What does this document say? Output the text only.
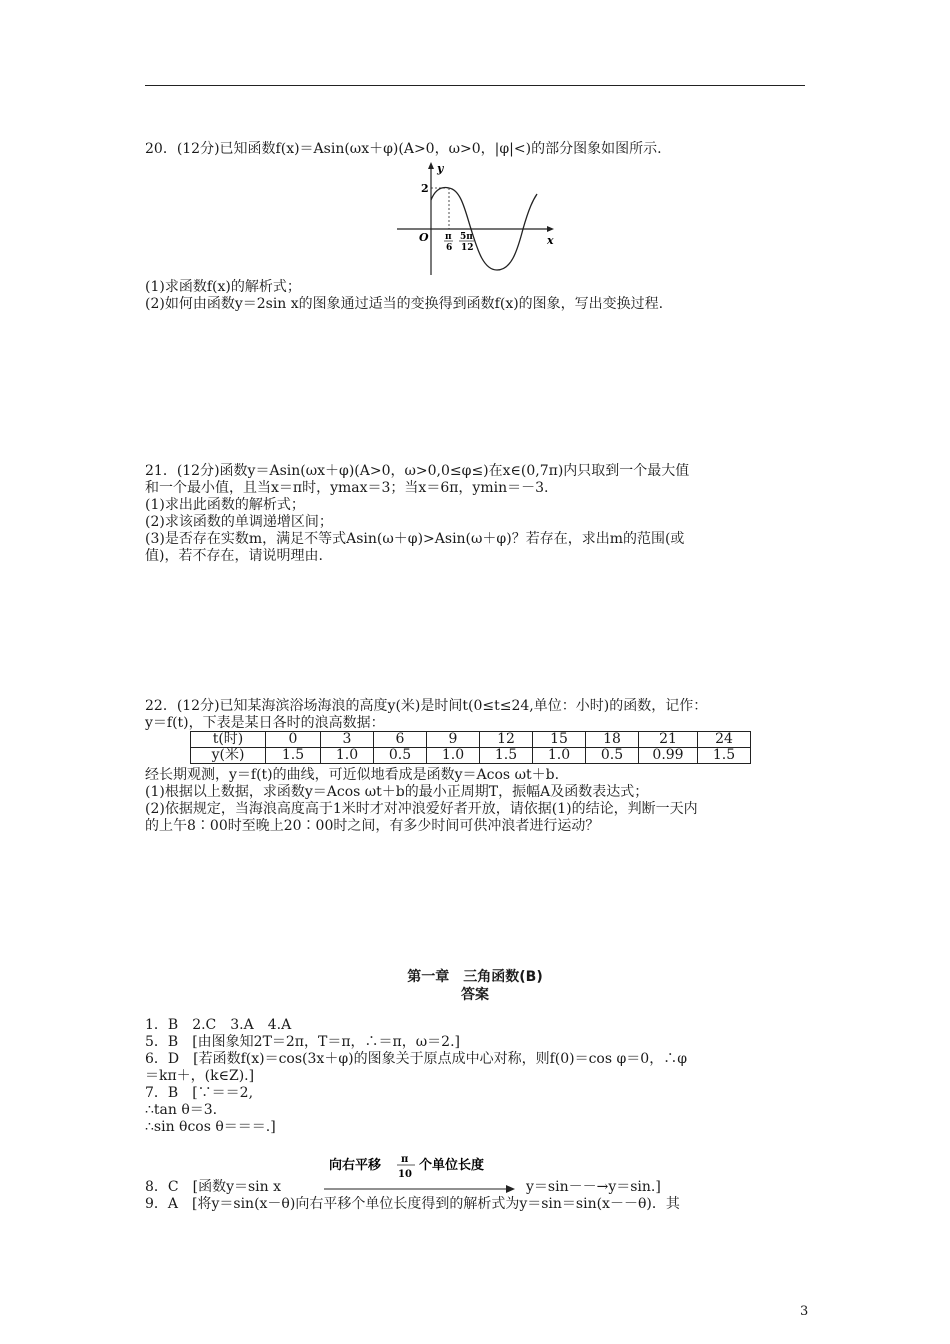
20．(12分)已知函数f(x)＝Asin(ωx＋φ)(A>0，ω>0，|φ|<)的部分图象如图所示.
y
x
O
2
π
6
5π
12
(1)求函数f(x)的解析式；
(2)如何由函数y＝2sin x的图象通过适当的变换得到函数f(x)的图象，写出变换过程.
21．(12分)函数y＝Asin(ωx＋φ)(A>0，ω>0,0≤φ≤)在x∈(0,7π)内只取到一个最大值
和一个最小值，且当x＝π时，ymax＝3；当x＝6π，ymin＝－3.
(1)求出此函数的解析式；
(2)求该函数的单调递增区间；
(3)是否存在实数m，满足不等式Asin(ω＋φ)>Asin(ω＋φ)？若存在，求出m的范围(或
值)，若不存在，请说明理由.
22．(12分)已知某海滨浴场海浪的高度y(米)是时间t(0≤t≤24,单位：小时)的函数，记作：
y＝f(t)，下表是某日各时的浪高数据：
t(时)	0	3	6	9	12	15	18	21	24
y(米)	1.5	1.0	0.5	1.0	1.5	1.0	0.5	0.99	1.5
经长期观测，y＝f(t)的曲线，可近似地看成是函数y＝Acos ωt＋b.
(1)根据以上数据，求函数y＝Acos ωt＋b的最小正周期T，振幅A及函数表达式；
(2)依据规定，当海浪高度高于1米时才对冲浪爱好者开放，请依据(1)的结论，判断一天内
的上午8∶00时至晚上20∶00时之间，有多少时间可供冲浪者进行运动？
第一章　三角函数(B)
答案
1．B　2.C　3.A　4.A
5．B　[由图象知2T＝2π，T＝π，∴＝π，ω＝2.]
6．D　[若函数f(x)＝cos(3x＋φ)的图象关于原点成中心对称，则f(0)＝cos φ＝0，∴φ
＝kπ＋，(k∈Z).]
7．B　[∵＝＝2,
∴tan θ＝3.
∴sin θcos θ＝＝＝.]
向右平移 π
10
个单位长度
8．C　[函数y＝sin x	y＝sin－－→y＝sin.]
9．A　[将y＝sin(x－θ)向右平移个单位长度得到的解析式为y＝sin＝sin(x－－θ)．其
3
